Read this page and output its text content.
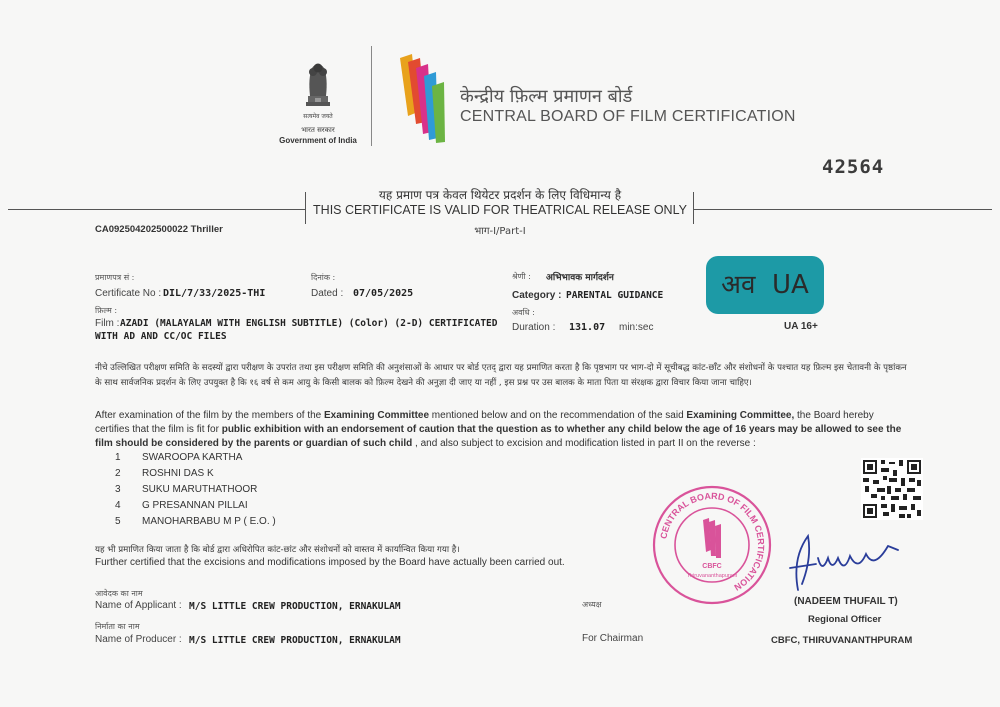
सत्यमेव जयते
भारत सरकार
Government of India
केन्द्रीय फ़िल्म प्रमाणन बोर्ड
CENTRAL BOARD OF FILM CERTIFICATION
42564
यह प्रमाण पत्र केवल थियेटर प्रदर्शन के लिए विधिमान्य है
THIS CERTIFICATE IS VALID FOR THEATRICAL RELEASE ONLY
भाग-I/Part-I
CA092504202500022 Thriller
प्रमाणपत्र सं :
Certificate No : DIL/7/33/2025-THI
दिनांक :
Dated : 07/05/2025
श्रेणी : अभिभावक मार्गदर्शन
Category : PARENTAL GUIDANCE
फ़िल्म :
Film : AZADI (MALAYALAM WITH ENGLISH SUBTITLE) (Color) (2-D) CERTIFICATED
WITH AD AND CC/OC FILES
अवधि :
Duration : 131.07 min:sec
अव  UA
UA 16+
नीचे उल्लिखित परीक्षण समिति के सदस्यों द्वारा परीक्षण के उपरांत तथा इस परीक्षण समिति की अनुशंसाओं के आधार पर बोर्ड एतद् द्वारा यह प्रमाणित करता है कि पृष्ठभाग पर भाग-दो में सूचीबद्ध कांट-छाँट और संशोधनों के पश्चात यह फ़िल्म इस चेतावनी के पृष्ठांकन के साथ सार्वजनिक प्रदर्शन के लिए उपयुक्त है कि १६ वर्ष से कम आयु के किसी बालक को फ़िल्म देखने की अनुज्ञा दी जाए या नहीं , इस प्रश्न पर उस बालक के माता पिता या संरक्षक द्वारा विचार किया जाना चाहिए।
After examination of the film by the members of the Examining Committee mentioned below and on the recommendation of the said Examining Committee, the Board hereby certifies that the film is fit for public exhibition with an endorsement of caution that the question as to whether any child below the age of 16 years may be allowed to see the film should be considered by the parents or guardian of such child , and also subject to excision and modification listed in part II on the reverse :
1 SWAROOPA KARTHA
2 ROSHNI DAS K
3 SUKU MARUTHATHOOR
4 G PRESANNAN PILLAI
5 MANOHARBABU M P ( E.O. )
यह भी प्रमाणित किया जाता है कि बोर्ड द्वारा अधिरोपित कांट-छांट और संशोधनों को वास्तव में कार्यान्वित किया गया है।
Further certified that the excisions and modifications imposed by the Board have actually been carried out.
आवेदक का नाम
Name of Applicant : M/S LITTLE CREW PRODUCTION, ERNAKULAM
निर्माता का नाम
Name of Producer : M/S LITTLE CREW PRODUCTION, ERNAKULAM
अध्यक्ष
For Chairman
CENTRAL BOARD OF FILM CERTIFICATION
CBFC
Thiruvananthapuram
(NADEEM THUFAIL T)
Regional Officer
CBFC, THIRUVANANTHPURAM
